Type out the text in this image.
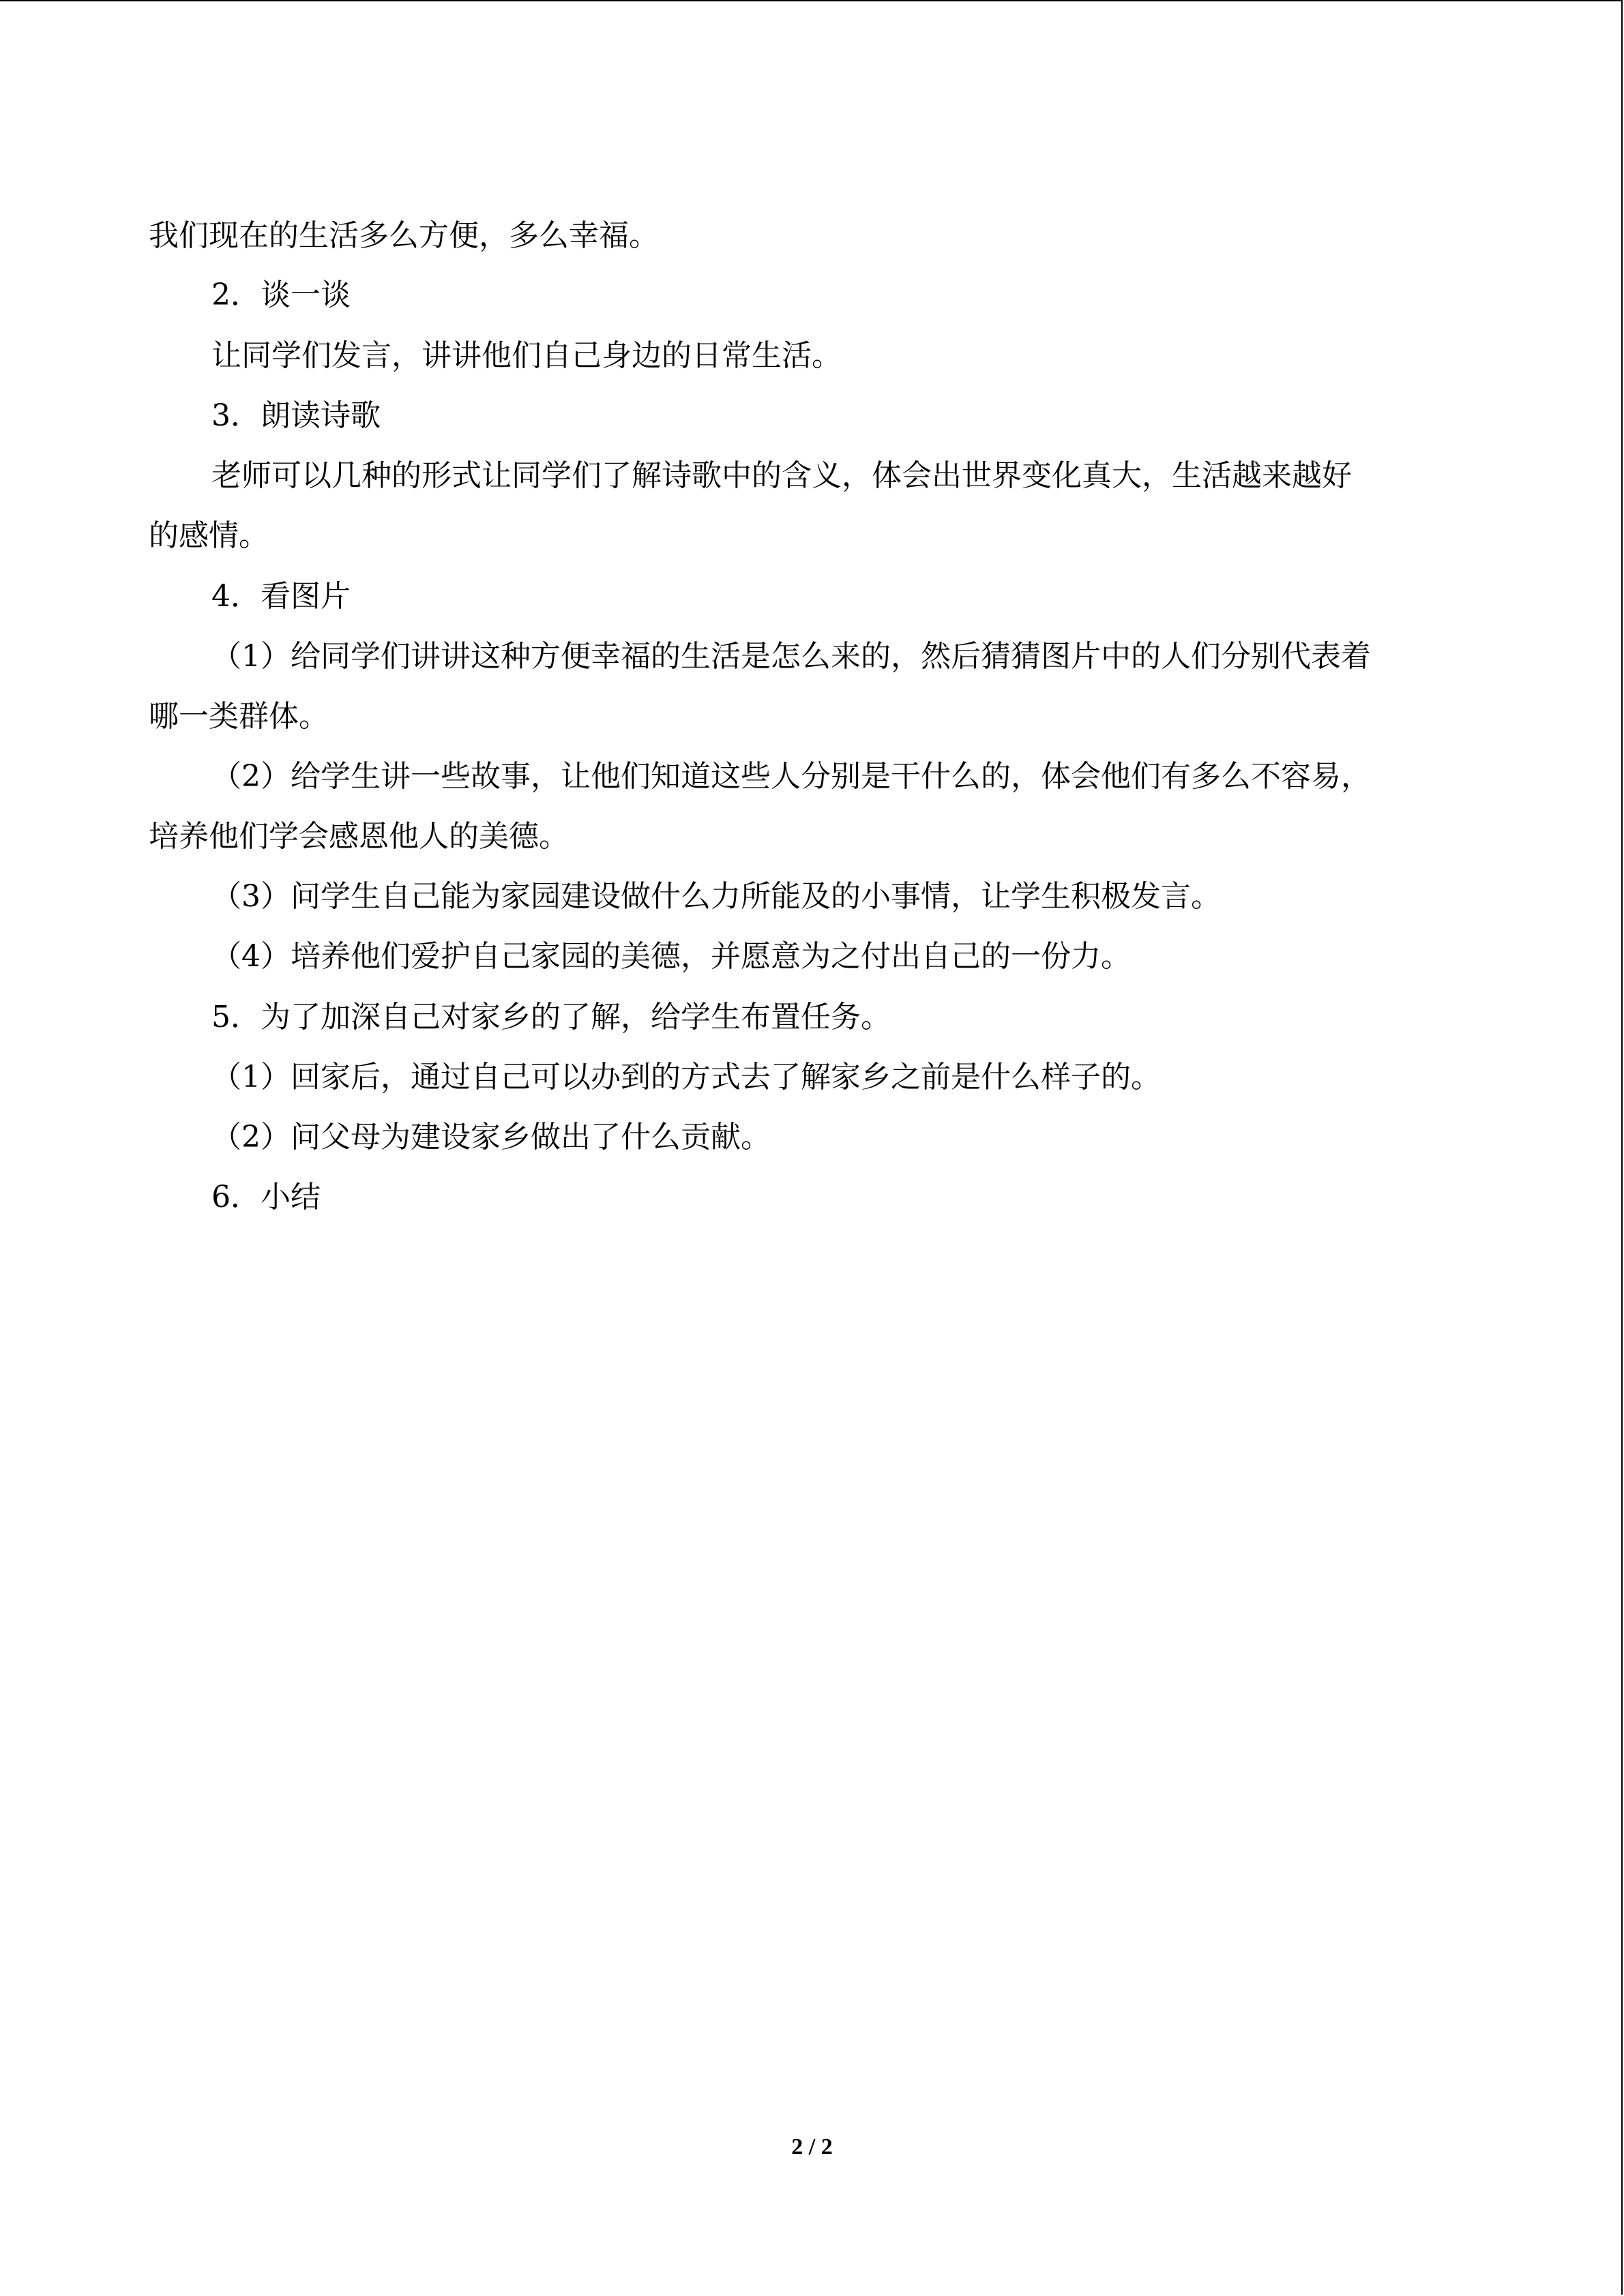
我们现在的生活多么方便，多么幸福。
2．谈一谈
让同学们发言，讲讲他们自己身边的日常生活。
3．朗读诗歌
老师可以几种的形式让同学们了解诗歌中的含义，体会出世界变化真大，生活越来越好
的感情。
4．看图片
（1）给同学们讲讲这种方便幸福的生活是怎么来的，然后猜猜图片中的人们分别代表着
哪一类群体。
（2）给学生讲一些故事，让他们知道这些人分别是干什么的，体会他们有多么不容易，
培养他们学会感恩他人的美德。
（3）问学生自己能为家园建设做什么力所能及的小事情，让学生积极发言。
（4）培养他们爱护自己家园的美德，并愿意为之付出自己的一份力。
5．为了加深自己对家乡的了解，给学生布置任务。
（1）回家后，通过自己可以办到的方式去了解家乡之前是什么样子的。
（2）问父母为建设家乡做出了什么贡献。
6．小结
2 / 2
